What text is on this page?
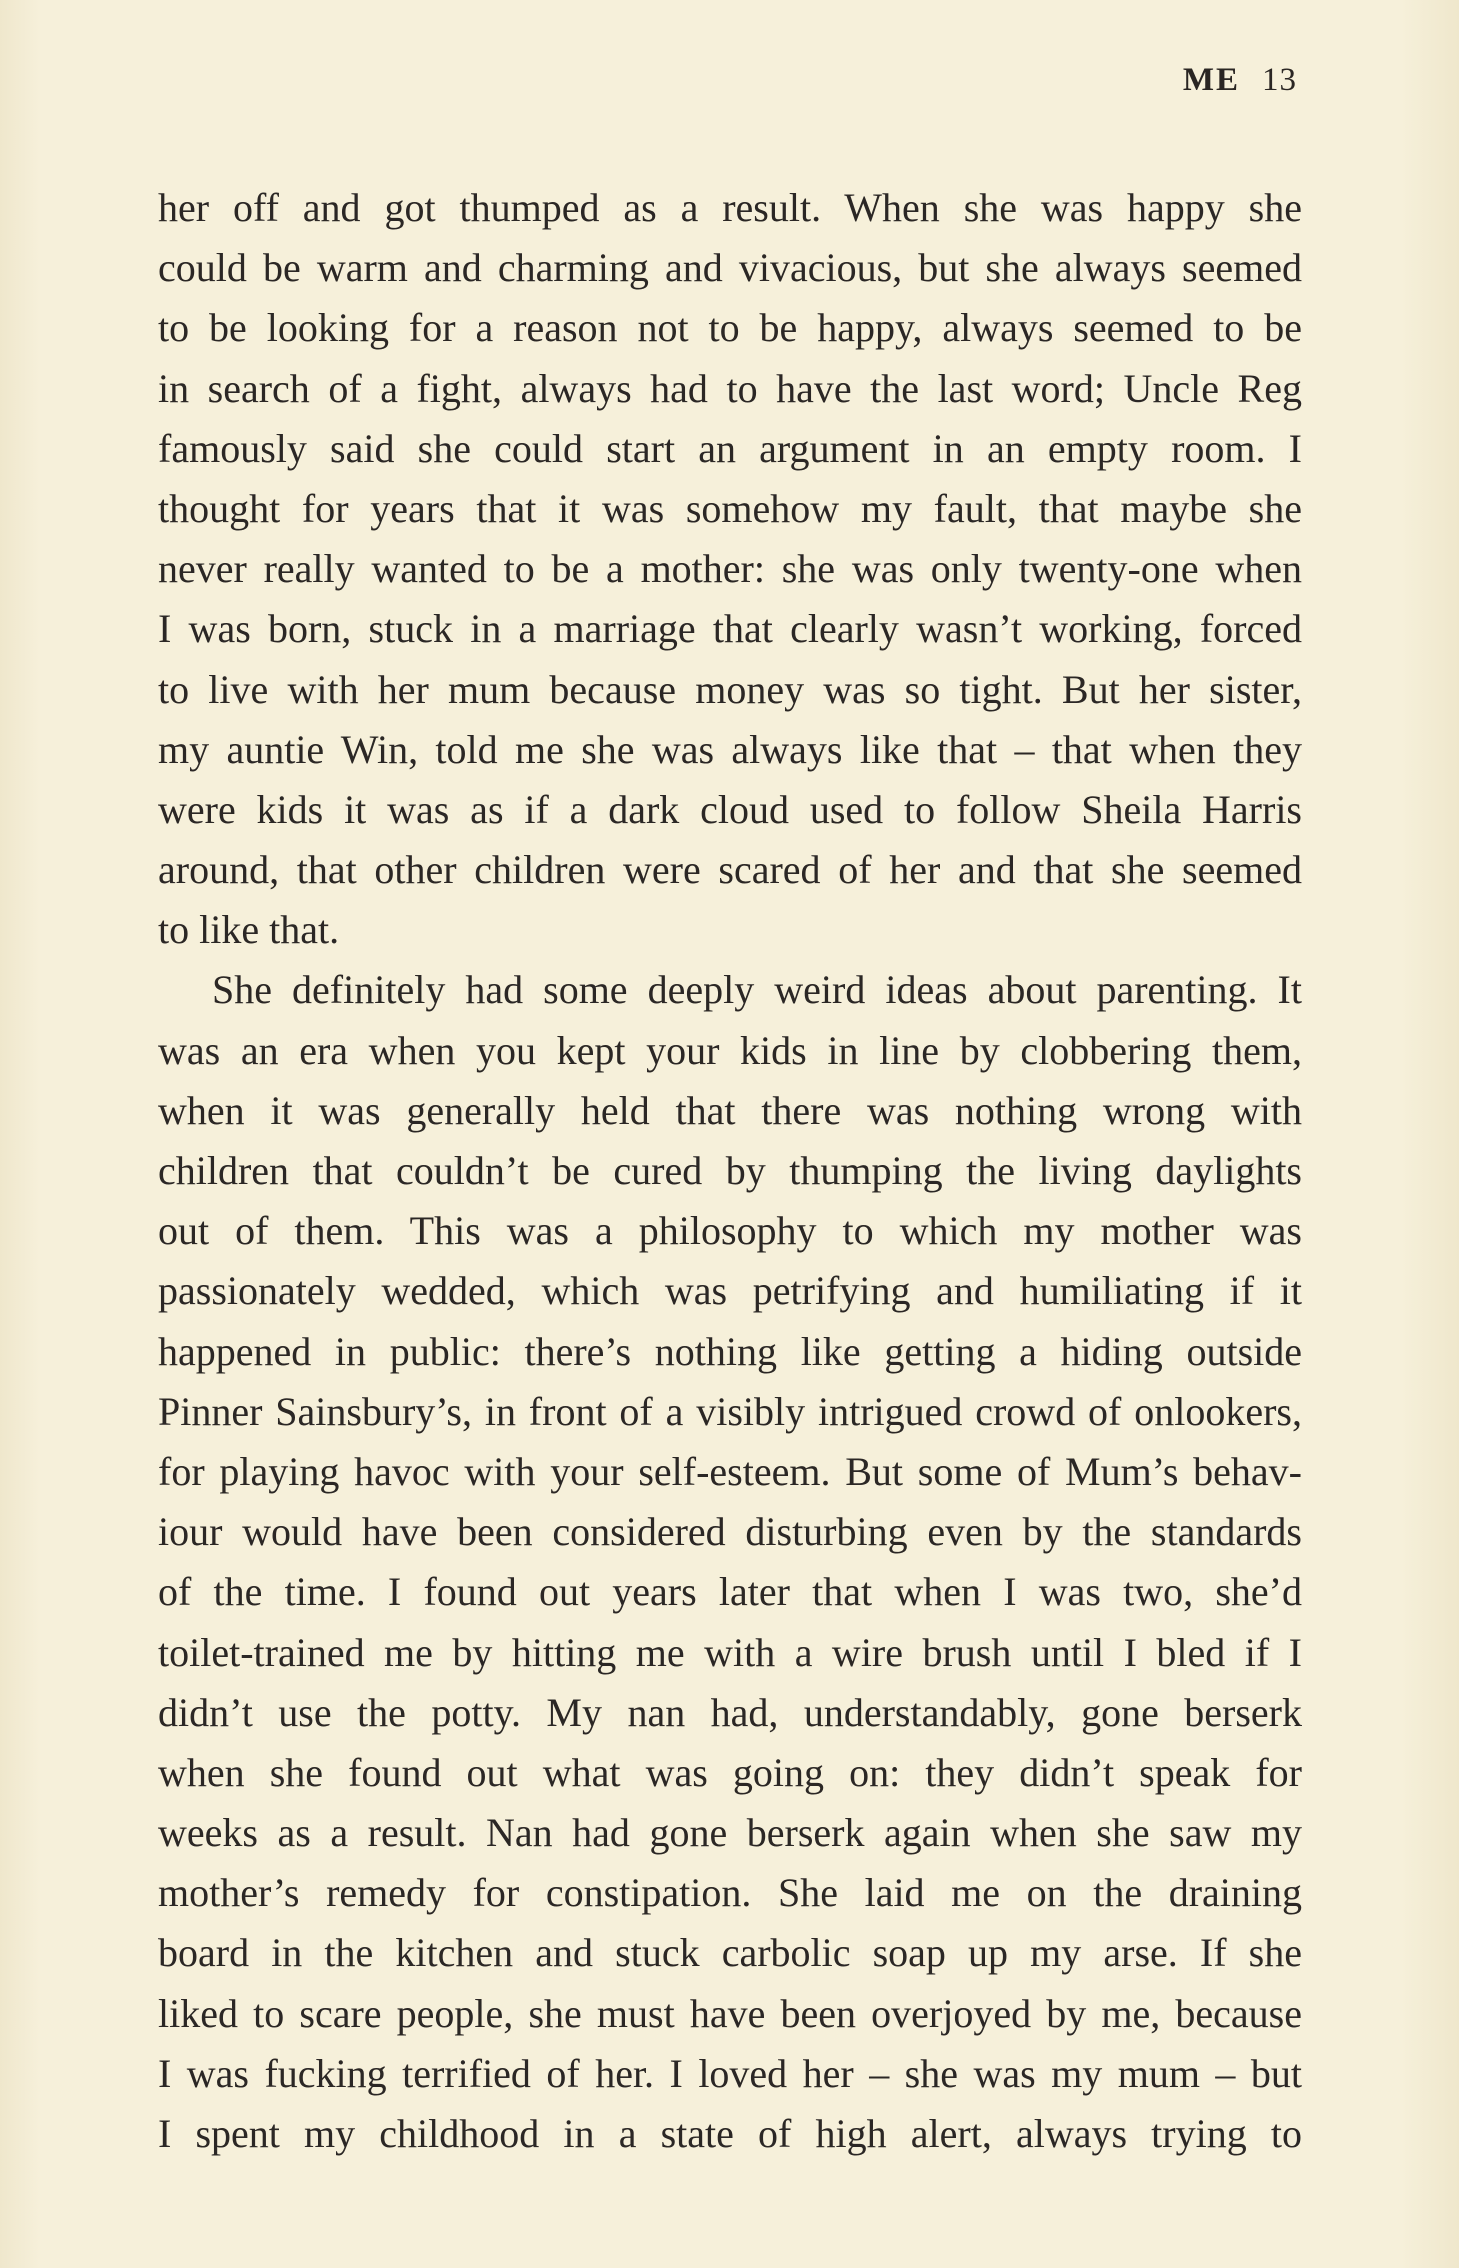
ME 13
her off and got thumped as a result. When she was happy she
could be warm and charming and vivacious, but she always seemed
to be looking for a reason not to be happy, always seemed to be
in search of a fight, always had to have the last word; Uncle Reg
famously said she could start an argument in an empty room. I
thought for years that it was somehow my fault, that maybe she
never really wanted to be a mother: she was only twenty-one when
I was born, stuck in a marriage that clearly wasn’t working, forced
to live with her mum because money was so tight. But her sister,
my auntie Win, told me she was always like that – that when they
were kids it was as if a dark cloud used to follow Sheila Harris
around, that other children were scared of her and that she seemed
to like that.
She definitely had some deeply weird ideas about parenting. It
was an era when you kept your kids in line by clobbering them,
when it was generally held that there was nothing wrong with
children that couldn’t be cured by thumping the living daylights
out of them. This was a philosophy to which my mother was
passionately wedded, which was petrifying and humiliating if it
happened in public: there’s nothing like getting a hiding outside
Pinner Sainsbury’s, in front of a visibly intrigued crowd of onlookers,
for playing havoc with your self-esteem. But some of Mum’s behav-
iour would have been considered disturbing even by the standards
of the time. I found out years later that when I was two, she’d
toilet-trained me by hitting me with a wire brush until I bled if I
didn’t use the potty. My nan had, understandably, gone berserk
when she found out what was going on: they didn’t speak for
weeks as a result. Nan had gone berserk again when she saw my
mother’s remedy for constipation. She laid me on the draining
board in the kitchen and stuck carbolic soap up my arse. If she
liked to scare people, she must have been overjoyed by me, because
I was fucking terrified of her. I loved her – she was my mum – but
I spent my childhood in a state of high alert, always trying to
